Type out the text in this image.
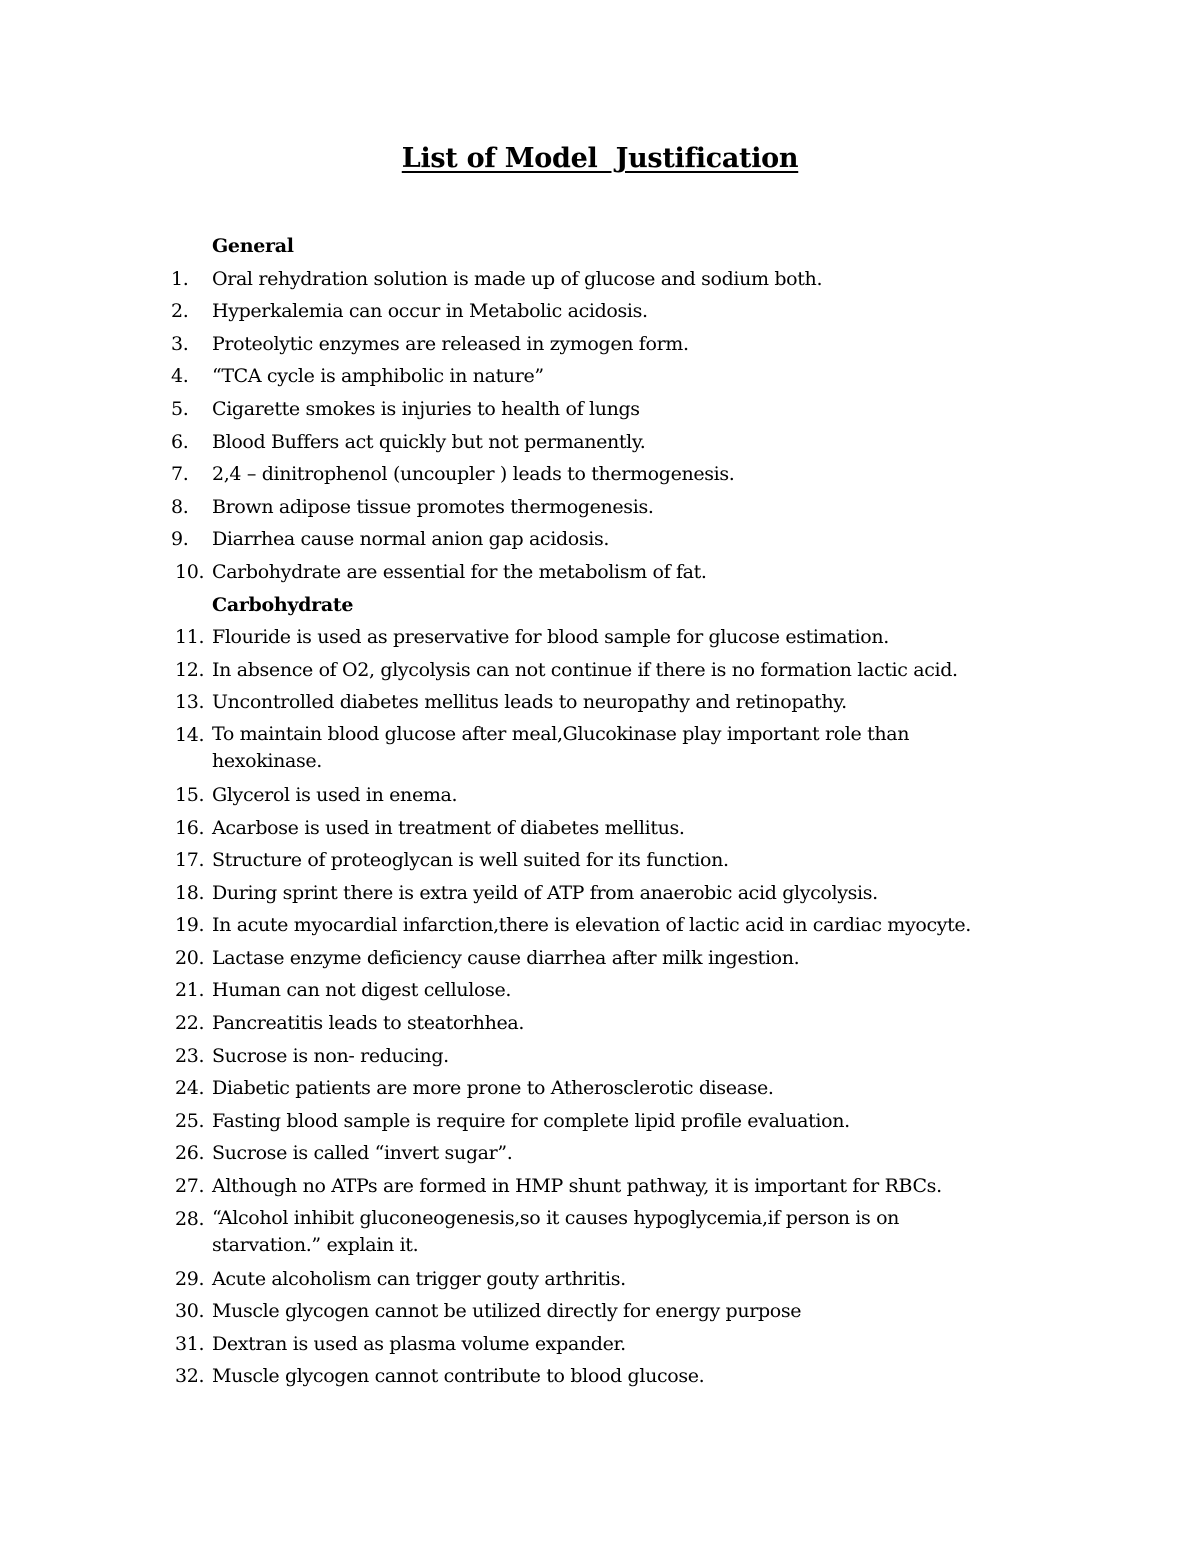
List of Model  Justification
General
1.	Oral rehydration solution is made up of glucose and sodium both.
2.	Hyperkalemia can occur in Metabolic acidosis.
3.	Proteolytic enzymes are released in zymogen form.
4.	“TCA cycle is amphibolic in nature”
5.	Cigarette smokes is injuries to health of lungs
6.	Blood Buffers act quickly but not permanently.
7.	2,4 – dinitrophenol (uncoupler ) leads to thermogenesis.
8.	Brown adipose tissue promotes thermogenesis.
9.	Diarrhea cause normal anion gap acidosis.
10. Carbohydrate are essential for the metabolism of fat.
Carbohydrate
11. Flouride is used as preservative for blood sample for glucose estimation.
12. In absence of O2, glycolysis can not continue if there is no formation lactic acid.
13. Uncontrolled diabetes mellitus leads to neuropathy and retinopathy.
14. To maintain blood glucose after meal,Glucokinase play important role than hexokinase.
15. Glycerol is used in enema.
16. Acarbose is used in treatment of diabetes mellitus.
17. Structure of proteoglycan is well suited for its function.
18. During sprint there is extra yeild of ATP from anaerobic acid glycolysis.
19. In acute myocardial infarction,there is elevation of lactic acid in cardiac myocyte.
20. Lactase enzyme deficiency cause diarrhea after milk ingestion.
21. Human can not digest cellulose.
22. Pancreatitis leads to steatorhhea.
23. Sucrose is non- reducing.
24. Diabetic patients are more prone to Atherosclerotic disease.
25. Fasting blood sample is require for complete lipid profile evaluation.
26. Sucrose is called “invert sugar”.
27. Although no ATPs are formed in HMP shunt pathway, it is important for RBCs.
28. “Alcohol inhibit gluconeogenesis,so it causes hypoglycemia,if person is on starvation.” explain it.
29. Acute alcoholism can trigger gouty arthritis.
30. Muscle glycogen cannot be utilized directly for energy purpose
31. Dextran is used as plasma volume expander.
32. Muscle glycogen cannot contribute to blood glucose.
